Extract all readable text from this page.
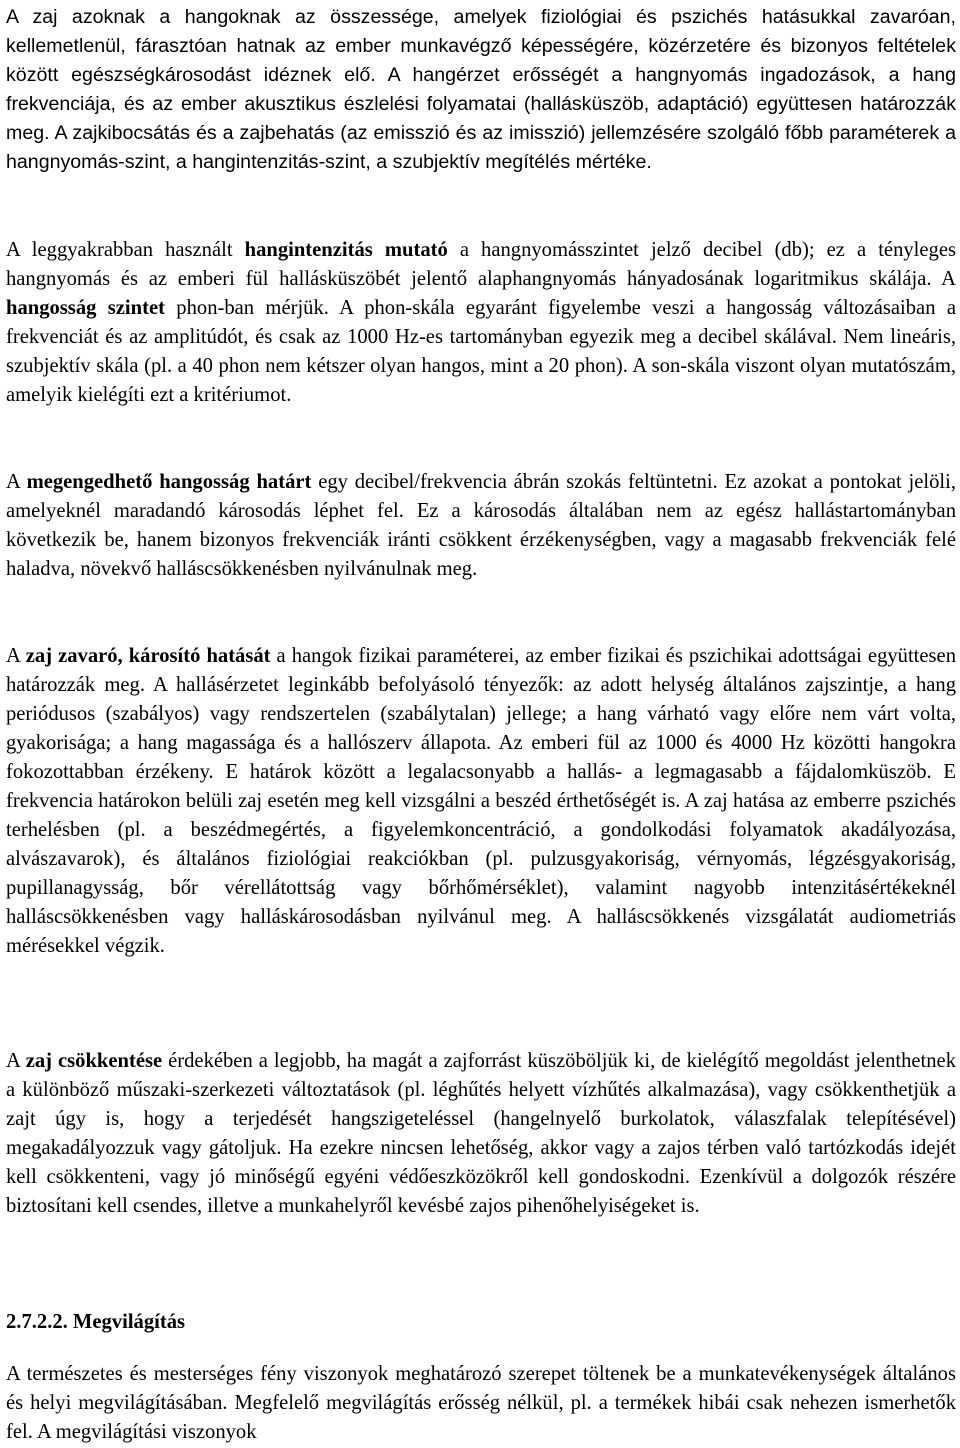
A zaj azoknak a hangoknak az összessége, amelyek fiziológiai és pszichés hatásukkal zavaróan, kellemetlenül, fárasztóan hatnak az ember munkavégző képességére, közérzetére és bizonyos feltételek között egészségkárosodást idéznek elő. A hangérzet erősségét a hangnyomás ingadozások, a hang frekvenciája, és az ember akusztikus észlelési folyamatai (hallásküszöb, adaptáció) együttesen határozzák meg. A zajkibocsátás és a zajbehatás (az emisszió és az imisszió) jellemzésére szolgáló főbb paraméterek a hangnyomás-szint, a hangintenzitás-szint, a szubjektív megítélés mértéke.

A leggyakrabban használt hangintenzitás mutató a hangnyomásszintet jelző decibel (db); ez a tényleges hangnyomás és az emberi fül hallásküszöbét jelentő alaphangnyomás hányadosának logaritmikus skálája. A hangosság szintet phon-ban mérjük. A phon-skála egyaránt figyelembe veszi a hangosság változásaiban a frekvenciát és az amplitúdót, és csak az 1000 Hz-es tartományban egyezik meg a decibel skálával. Nem lineáris, szubjektív skála (pl. a 40 phon nem kétszer olyan hangos, mint a 20 phon). A son-skála viszont olyan mutatószám, amelyik kielégíti ezt a kritériumot.

A megengedhető hangosság határt egy decibel/frekvencia ábrán szokás feltüntetni. Ez azokat a pontokat jelöli, amelyeknél maradandó károsodás léphet fel. Ez a károsodás általában nem az egész hallástartományban következik be, hanem bizonyos frekvenciák iránti csökkent érzékenységben, vagy a magasabb frekvenciák felé haladva, növekvő halláscsökkenésben nyilvánulnak meg.

A zaj zavaró, károsító hatását a hangok fizikai paraméterei, az ember fizikai és pszichikai adottságai együttesen határozzák meg. A hallásérzetet leginkább befolyásoló tényezők: az adott helység általános zajszintje, a hang periódusos (szabályos) vagy rendszertelen (szabálytalan) jellege; a hang várható vagy előre nem várt volta, gyakorisága; a hang magassága és a hallószerv állapota. Az emberi fül az 1000 és 4000 Hz közötti hangokra fokozottabban érzékeny. E határok között a legalacsonyabb a hallás- a legmagasabb a fájdalomküszöb. E frekvencia határokon belüli zaj esetén meg kell vizsgálni a beszéd érthetőségét is. A zaj hatása az emberre pszichés terhelésben (pl. a beszédmegértés, a figyelemkoncentráció, a gondolkodási folyamatok akadályozása, alvászavarok), és általános fiziológiai reakciókban (pl. pulzusgyakoriság, vérnyomás, légzésgyakoriság, pupillanagysság, bőr vérellátottság vagy bőrhőmérséklet), valamint nagyobb intenzitásértékeknél halláscsökkenésben vagy halláskárosodásban nyilvánul meg. A halláscsökkenés vizsgálatát audiometriás mérésekkel végzik.

A zaj csökkentése érdekében a legjobb, ha magát a zajforrást küszöböljük ki, de kielégítő megoldást jelenthetnek a különböző műszaki-szerkezeti változtatások (pl. léghűtés helyett vízhűtés alkalmazása), vagy csökkenthetjük a zajt úgy is, hogy a terjedését hangszigeteléssel (hangelnyelő burkolatok, válaszfalak telepítésével) megakadályozzuk vagy gátoljuk. Ha ezekre nincsen lehetőség, akkor vagy a zajos térben való tartózkodás idejét kell csökkenteni, vagy jó minőségű egyéni védőeszközökről kell gondoskodni. Ezenkívül a dolgozók részére biztosítani kell csendes, illetve a munkahelyről kevésbé zajos pihenőhelyiségeket is.

2.7.2.2. Megvilágítás

A természetes és mesterséges fény viszonyok meghatározó szerepet töltenek be a munkatevékenységek általános és helyi megvilágításában. Megfelelő megvilágítás erősség nélkül, pl. a termékek hibái csak nehezen ismerhetők fel. A megvilágítási viszonyok
